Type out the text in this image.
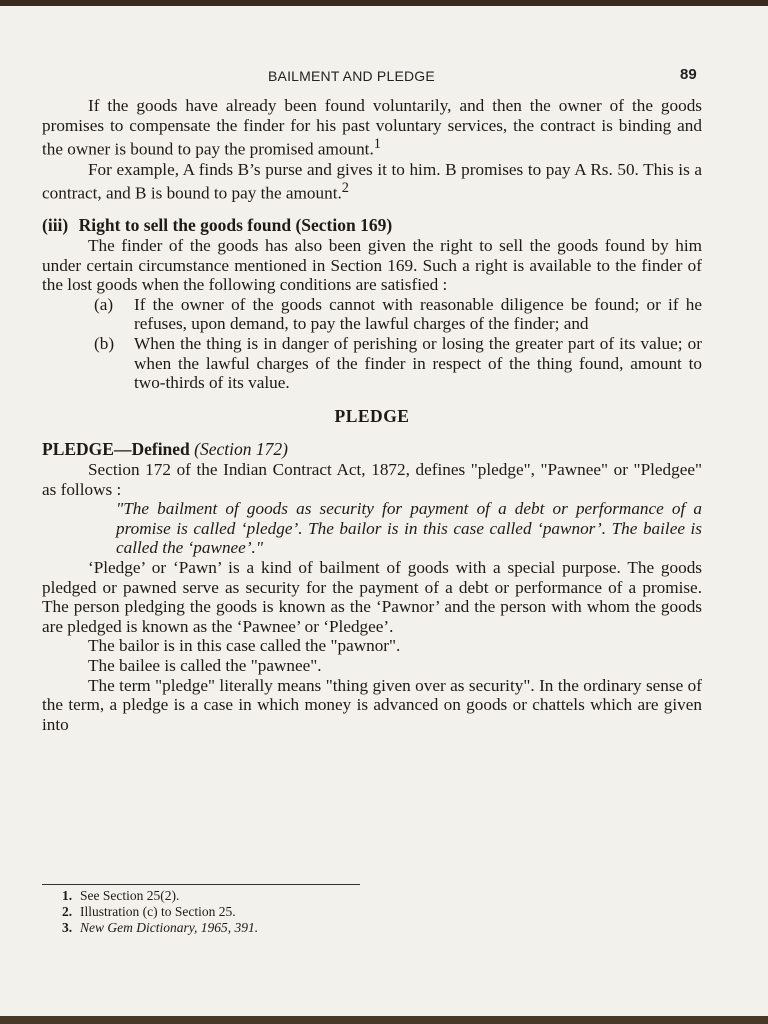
BAILMENT AND PLEDGE	89

If the goods have already been found voluntarily, and then the owner of the goods promises to compensate the finder for his past voluntary services, the contract is binding and the owner is bound to pay the promised amount.$^1$

For example, A finds B’s purse and gives it to him. B promises to pay A Rs. 50. This is a contract, and B is bound to pay the amount.$^2$

(iii) Right to sell the goods found (Section 169)

The finder of the goods has also been given the right to sell the goods found by him under certain circumstance mentioned in Section 169. Such a right is available to the finder of the lost goods when the following conditions are satisfied :

(a)	If the owner of the goods cannot with reasonable diligence be found; or if he refuses, upon demand, to pay the lawful charges of the finder; and
(b)	When the thing is in danger of perishing or losing the greater part of its value; or when the lawful charges of the finder in respect of the thing found, amount to two-thirds of its value.

PLEDGE

PLEDGE—Defined (Section 172)

Section 172 of the Indian Contract Act, 1872, defines "pledge", "Pawnee" or "Pledgee" as follows :

"The bailment of goods as security for payment of a debt or performance of a promise is called ‘pledge’. The bailor is in this case called ‘pawnor’. The bailee is called the ‘pawnee’."

‘Pledge’ or ‘Pawn’ is a kind of bailment of goods with a special purpose. The goods pledged or pawned serve as security for the payment of a debt or performance of a promise. The person pledging the goods is known as the ‘Pawnor’ and the person with whom the goods are pledged is known as the ‘Pawnee’ or ‘Pledgee’.

The bailor is in this case called the "pawnor".

The bailee is called the "pawnee".

The term "pledge" literally means "thing given over as security". In the ordinary sense of the term, a pledge is a case in which money is advanced on goods or chattels which are given into

1. See Section 25(2).
2. Illustration (c) to Section 25.
3. New Gem Dictionary, 1965, 391.
